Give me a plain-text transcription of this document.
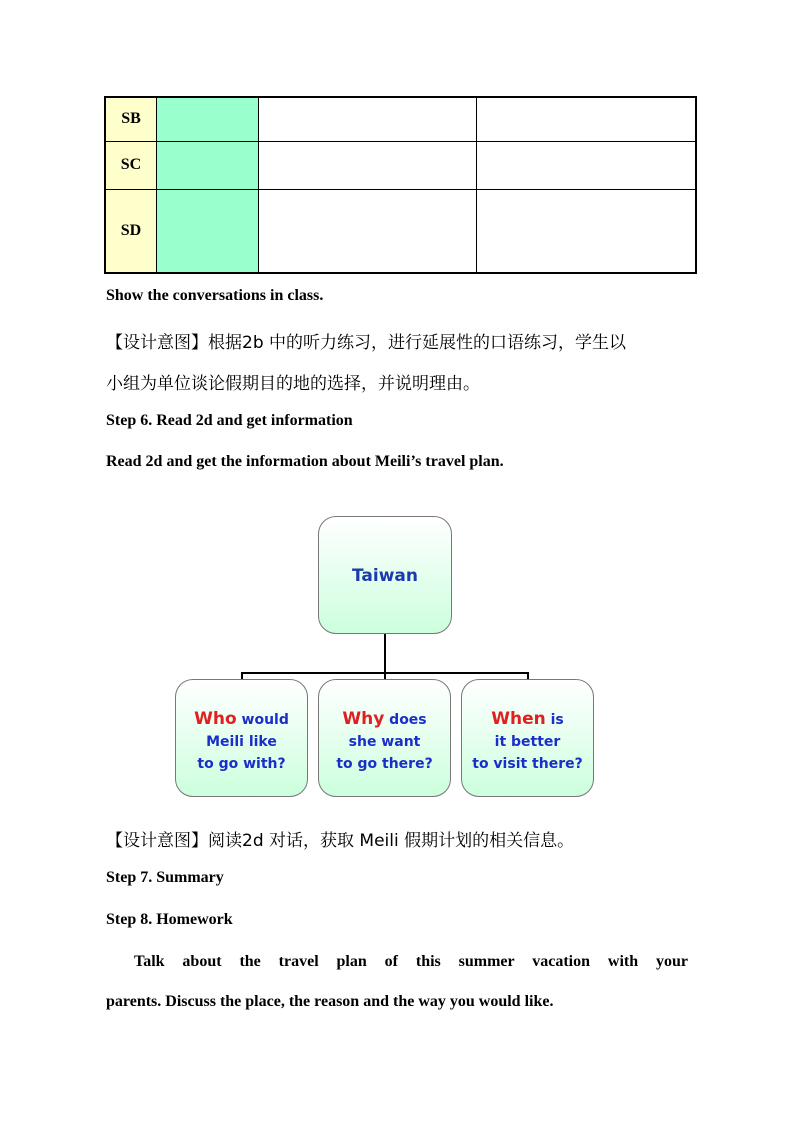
SB			
SC			
SD			
Show the conversations in class.
【设计意图】根据2b 中的听力练习，进行延展性的口语练习，学生以
小组为单位谈论假期目的地的选择，并说明理由。
Step 6. Read 2d and get information
Read 2d and get the information about Meili’s travel plan.
Taiwan
Who would
Meili like
to go with?
Why does
she want
to go there?
When is
it better
to visit there?
【设计意图】阅读2d 对话，获取 Meili 假期计划的相关信息。
Step 7. Summary
Step 8. Homework
Talk about the travel plan of this summer vacation with your
parents. Discuss the place, the reason and the way you would like.
